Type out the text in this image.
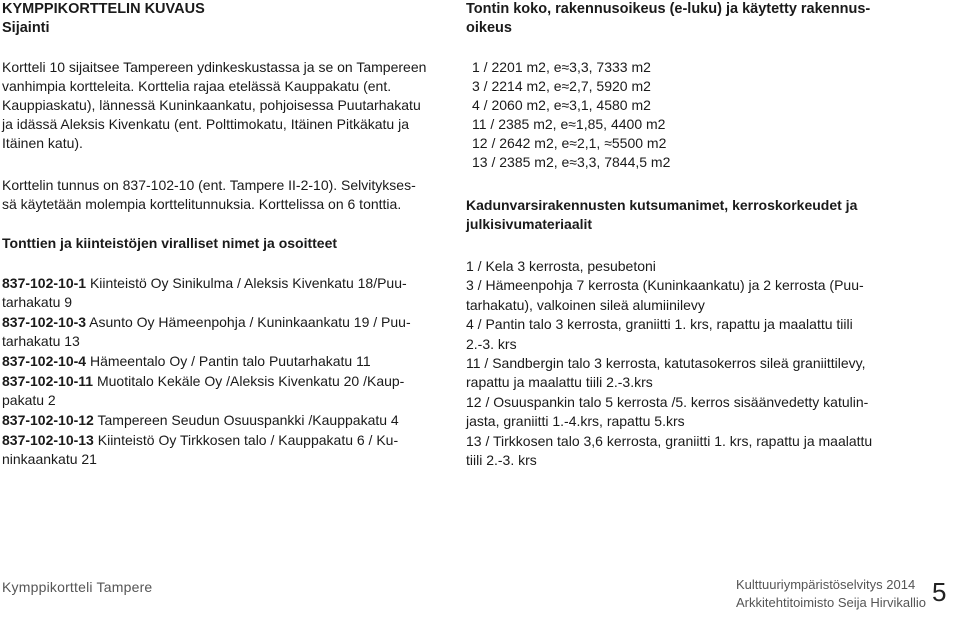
KYMPPIKORTTELIN KUVAUS

Sijainti

Kortteli 10 sijaitsee Tampereen ydinkeskustassa ja se on Tampereen

vanhimpia kortteleita. Korttelia rajaa etelässä Kauppakatu (ent.

Kauppiaskatu), lännessä Kuninkaankatu, pohjoisessa Puutarhakatu

ja idässä Aleksis Kivenkatu (ent. Polttimokatu, Itäinen Pitkäkatu ja

Itäinen katu).

Korttelin tunnus on 837-102-10 (ent. Tampere II-2-10). Selvitykses-

sä käytetään molempia korttelitunnuksia. Korttelissa on 6 tonttia.

Tonttien ja kiinteistöjen viralliset nimet ja osoitteet

837-102-10-1 Kiinteistö Oy Sinikulma / Aleksis Kivenkatu 18/Puu-
tarhakatu 9

837-102-10-3 Asunto Oy Hämeenpohja / Kuninkaankatu 19 / Puu-
tarhakatu 13

837-102-10-4 Hämeentalo Oy / Pantin talo Puutarhakatu 11

837-102-10-11 Muotitalo Kekäle Oy /Aleksis Kivenkatu 20 /Kaup-
pakatu 2

837-102-10-12 Tampereen Seudun Osuuspankki /Kauppakatu 4

837-102-10-13 Kiinteistö Oy Tirkkosen talo / Kauppakatu 6 / Ku-
ninkaankatu 21

Tontin koko, rakennusoikeus (e-luku) ja käytetty rakennus-

oikeus

1 / 2201 m2, e≈3,3, 7333 m2

3 / 2214 m2, e≈2,7, 5920 m2

4 / 2060 m2, e≈3,1, 4580 m2

11 / 2385 m2, e≈1,85, 4400 m2

12 / 2642 m2, e≈2,1, ≈5500 m2

13 / 2385 m2, e≈3,3, 7844,5 m2

Kadunvarsirakennusten kutsumanimet, kerroskorkeudet ja

julkisivumateriaalit

1 / Kela 3 kerrosta, pesubetoni

3 / Hämeenpohja 7 kerrosta (Kuninkaankatu) ja 2 kerrosta (Puu-

tarhakatu), valkoinen sileä alumiinilevy

4 / Pantin talo 3 kerrosta, graniitti 1. krs, rapattu ja maalattu tiili

2.-3. krs

11 / Sandbergin talo 3 kerrosta, katutasokerros sileä graniittilevy,

rapattu ja maalattu tiili 2.-3.krs

12 / Osuuspankin talo 5 kerrosta /5. kerros sisäänvedetty katulin-

jasta, graniitti 1.-4.krs, rapattu 5.krs

13 / Tirkkosen talo 3,6 kerrosta, graniitti 1. krs, rapattu ja maalattu

tiili 2.-3. krs

Kymppikortteli Tampere	Kulttuuriympäristöselvitys 2014
Arkkitehtitoimisto Seija Hirvikallio 5
